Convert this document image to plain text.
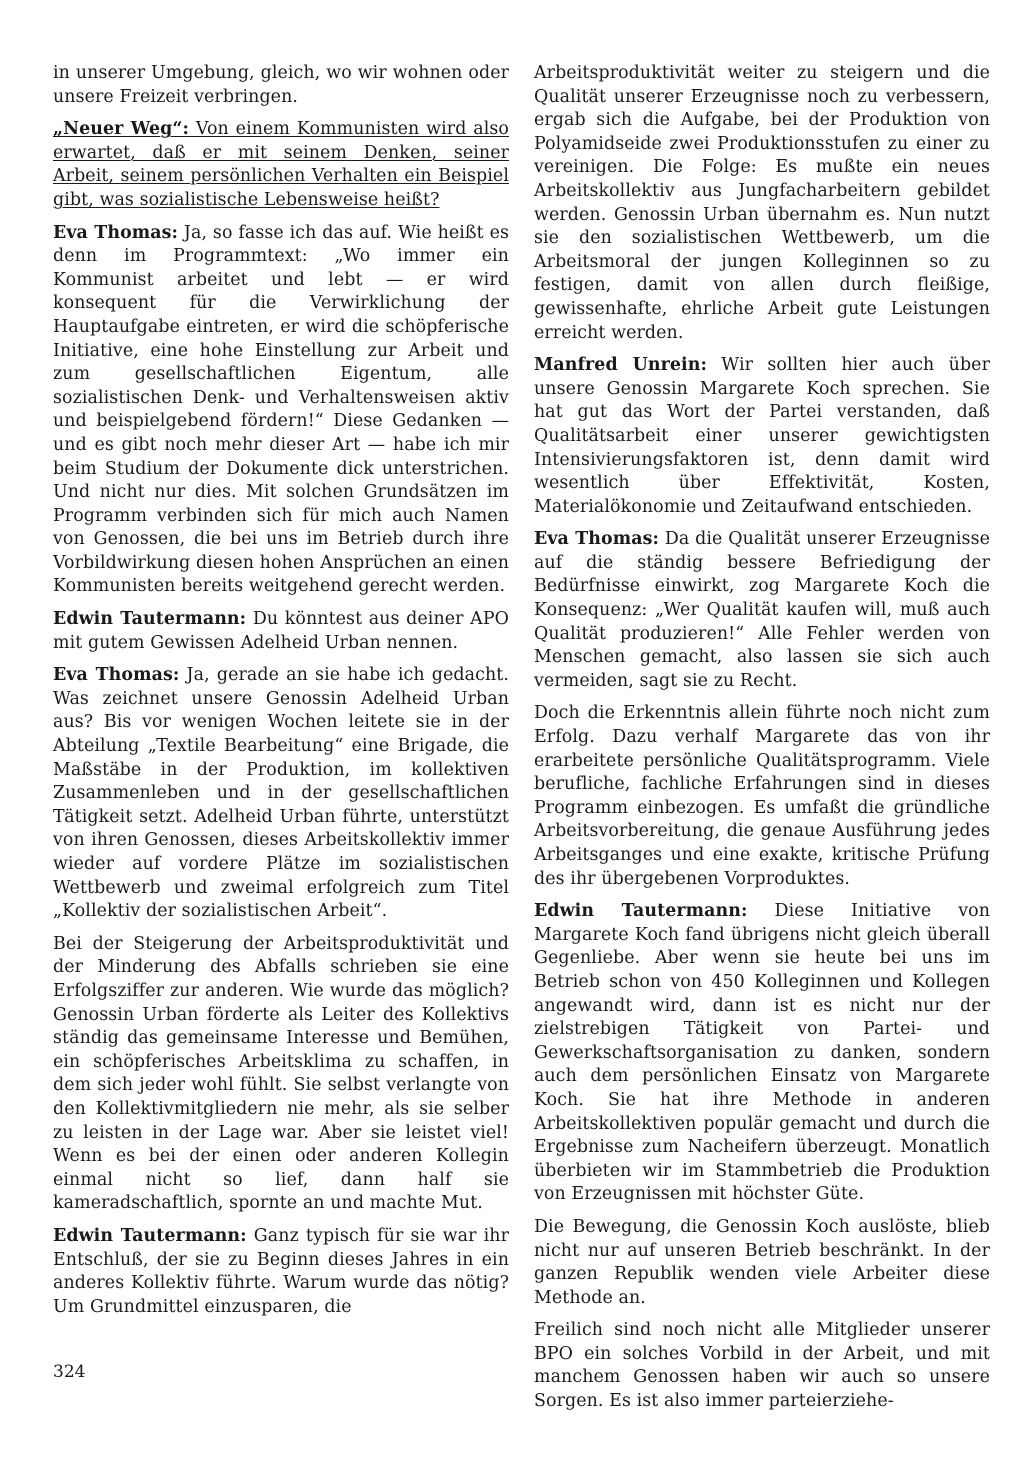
in unserer Umgebung, gleich, wo wir wohnen oder unsere Freizeit verbringen.

„Neuer Weg“: Von einem Kommunisten wird also erwartet, daß er mit seinem Denken, seiner Arbeit, seinem persönlichen Verhalten ein Beispiel gibt, was sozialistische Lebensweise heißt?

Eva Thomas: Ja, so fasse ich das auf. Wie heißt es denn im Programmtext: „Wo immer ein Kommunist arbeitet und lebt — er wird konsequent für die Verwirklichung der Hauptaufgabe eintreten, er wird die schöpferische Initiative, eine hohe Einstellung zur Arbeit und zum gesellschaftlichen Eigentum, alle sozialistischen Denk- und Verhaltensweisen aktiv und beispielgebend fördern!“ Diese Gedanken — und es gibt noch mehr dieser Art — habe ich mir beim Studium der Dokumente dick unterstrichen. Und nicht nur dies. Mit solchen Grundsätzen im Programm verbinden sich für mich auch Namen von Genossen, die bei uns im Betrieb durch ihre Vorbildwirkung diesen hohen Ansprüchen an einen Kommunisten bereits weitgehend gerecht werden.

Edwin Tautermann: Du könntest aus deiner APO mit gutem Gewissen Adelheid Urban nennen.

Eva Thomas: Ja, gerade an sie habe ich gedacht. Was zeichnet unsere Genossin Adelheid Urban aus? Bis vor wenigen Wochen leitete sie in der Abteilung „Textile Bearbeitung“ eine Brigade, die Maßstäbe in der Produktion, im kollektiven Zusammenleben und in der gesellschaftlichen Tätigkeit setzt. Adelheid Urban führte, unterstützt von ihren Genossen, dieses Arbeitskollektiv immer wieder auf vordere Plätze im sozialistischen Wettbewerb und zweimal erfolgreich zum Titel „Kollektiv der sozialistischen Arbeit“.

Bei der Steigerung der Arbeitsproduktivität und der Minderung des Abfalls schrieben sie eine Erfolgsziffer zur anderen. Wie wurde das möglich? Genossin Urban förderte als Leiter des Kollektivs ständig das gemeinsame Interesse und Bemühen, ein schöpferisches Arbeitsklima zu schaffen, in dem sich jeder wohl fühlt. Sie selbst verlangte von den Kollektivmitgliedern nie mehr, als sie selber zu leisten in der Lage war. Aber sie leistet viel! Wenn es bei der einen oder anderen Kollegin einmal nicht so lief, dann half sie kameradschaftlich, spornte an und machte Mut.

Edwin Tautermann: Ganz typisch für sie war ihr Entschluß, der sie zu Beginn dieses Jahres in ein anderes Kollektiv führte. Warum wurde das nötig? Um Grundmittel einzusparen, die

Arbeitsproduktivität weiter zu steigern und die Qualität unserer Erzeugnisse noch zu verbessern, ergab sich die Aufgabe, bei der Produktion von Polyamidseide zwei Produktionsstufen zu einer zu vereinigen. Die Folge: Es mußte ein neues Arbeitskollektiv aus Jungfacharbeitern gebildet werden. Genossin Urban übernahm es. Nun nutzt sie den sozialistischen Wettbewerb, um die Arbeitsmoral der jungen Kolleginnen so zu festigen, damit von allen durch fleißige, gewissenhafte, ehrliche Arbeit gute Leistungen erreicht werden.

Manfred Unrein: Wir sollten hier auch über unsere Genossin Margarete Koch sprechen. Sie hat gut das Wort der Partei verstanden, daß Qualitätsarbeit einer unserer gewichtigsten Intensivierungsfaktoren ist, denn damit wird wesentlich über Effektivität, Kosten, Materialökonomie und Zeitaufwand entschieden.

Eva Thomas: Da die Qualität unserer Erzeugnisse auf die ständig bessere Befriedigung der Bedürfnisse einwirkt, zog Margarete Koch die Konsequenz: „Wer Qualität kaufen will, muß auch Qualität produzieren!“ Alle Fehler werden von Menschen gemacht, also lassen sie sich auch vermeiden, sagt sie zu Recht.

Doch die Erkenntnis allein führte noch nicht zum Erfolg. Dazu verhalf Margarete das von ihr erarbeitete persönliche Qualitätsprogramm. Viele berufliche, fachliche Erfahrungen sind in dieses Programm einbezogen. Es umfaßt die gründliche Arbeitsvorbereitung, die genaue Ausführung jedes Arbeitsganges und eine exakte, kritische Prüfung des ihr übergebenen Vorproduktes.

Edwin Tautermann: Diese Initiative von Margarete Koch fand übrigens nicht gleich überall Gegenliebe. Aber wenn sie heute bei uns im Betrieb schon von 450 Kolleginnen und Kollegen angewandt wird, dann ist es nicht nur der zielstrebigen Tätigkeit von Partei- und Gewerkschaftsorganisation zu danken, sondern auch dem persönlichen Einsatz von Margarete Koch. Sie hat ihre Methode in anderen Arbeitskollektiven populär gemacht und durch die Ergebnisse zum Nacheifern überzeugt. Monatlich überbieten wir im Stammbetrieb die Produktion von Erzeugnissen mit höchster Güte.

Die Bewegung, die Genossin Koch auslöste, blieb nicht nur auf unseren Betrieb beschränkt. In der ganzen Republik wenden viele Arbeiter diese Methode an.

Freilich sind noch nicht alle Mitglieder unserer BPO ein solches Vorbild in der Arbeit, und mit manchem Genossen haben wir auch so unsere Sorgen. Es ist also immer parteierziehe-

324
